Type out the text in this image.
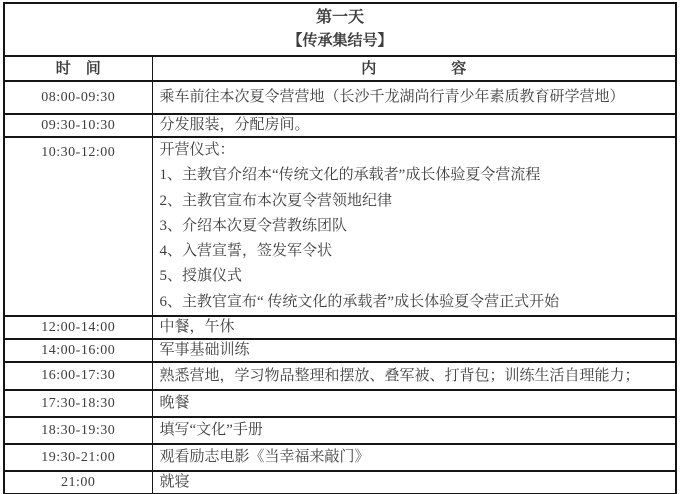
第一天
【传承集结号】	

时　间	内　　　　　容
08:00-09:30	乘车前往本次夏令营营地（长沙千龙湖尚行青少年素质教育研学营地）

09:30-10:30	分发服装，分配房间。

10:30-12:00	开营仪式：
1、主教官介绍本“传统文化的承载者”成长体验夏令营流程
2、主教官宣布本次夏令营领地纪律
3、介绍本次夏令营教练团队
4、入营宣誓，签发军令状
5、授旗仪式
6、主教官宣布“ 传统文化的承载者”成长体验夏令营正式开始

12:00-14:00	中餐，午休

14:00-16:00	军事基础训练

16:00-17:30	熟悉营地，学习物品整理和摆放、叠军被、打背包；训练生活自理能力；

17:30-18:30	晚餐

18:30-19:30	填写“文化”手册

19:30-21:00	观看励志电影《当幸福来敲门》

21:00	就寝
